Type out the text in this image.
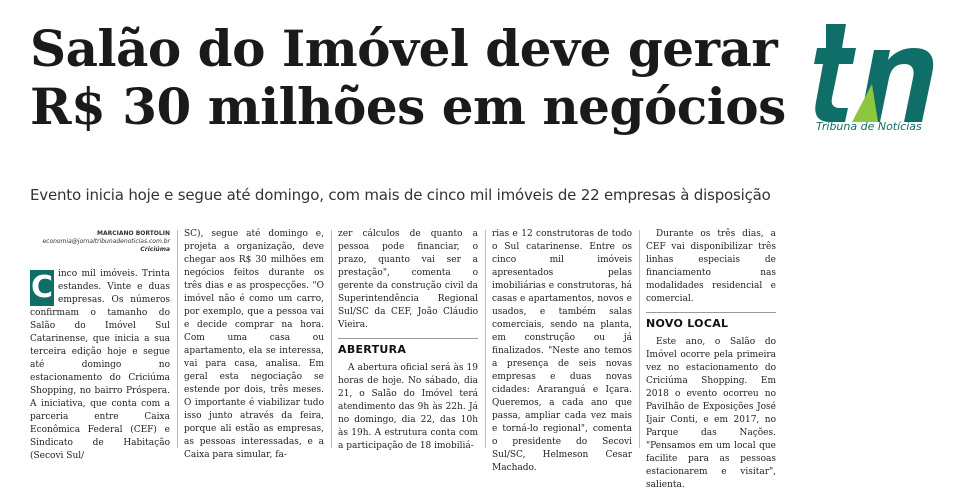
Salão do Imóvel deve gerar
R$ 30 milhões em negócios	Tribuna de Notícias
Evento inicia hoje e segue até domingo, com mais de cinco mil imóveis de 22 empresas à disposição
MARCIANO BORTOLIN
economia@jornaltribunadenoticias.com.br
Criciúma
C inco mil imóveis. Trinta estandes. Vinte e duas empresas. Os números confirmam o tamanho do Salão do Imóvel Sul Catarinense, que inicia a sua terceira edição hoje e segue até domingo no estacionamento do Criciúma Shopping, no bairro Próspera. A iniciativa, que conta com a parceria entre Caixa Econômica Federal (CEF) e Sindicato de Habitação (Secovi Sul/

SC), segue até domingo e, projeta a organização, deve chegar aos R$ 30 milhões em negócios feitos durante os três dias e as prospecções. "O imóvel não é como um carro, por exemplo, que a pessoa vai e decide comprar na hora. Com uma casa ou apartamento, ela se interessa, vai para casa, analisa. Em geral esta negociação se estende por dois, três meses. O importante é viabilizar tudo isso junto através da feira, porque ali estão as empresas, as pessoas interessadas, e a Caixa para simular, fa-

zer cálculos de quanto a pessoa pode financiar, o prazo, quanto vai ser a prestação", comenta o gerente da construção civil da Superintendência Regional Sul/SC da CEF, João Cláudio Vieira.

ABERTURA

A abertura oficial será às 19 horas de hoje. No sábado, dia 21, o Salão do Imóvel terá atendimento das 9h às 22h. Já no domingo, dia 22, das 10h às 19h. A estrutura conta com a participação de 18 imobiliá-

rias e 12 construtoras de todo o Sul catarinense. Entre os cinco mil imóveis apresentados pelas imobiliárias e construtoras, há casas e apartamentos, novos e usados, e também salas comerciais, sendo na planta, em construção ou já finalizados. "Neste ano temos a presença de seis novas empresas e duas novas cidades: Araranguá e Içara. Queremos, a cada ano que passa, ampliar cada vez mais e torná-lo regional", comenta o presidente do Secovi Sul/SC, Helmeson Cesar Machado.

Durante os três dias, a CEF vai disponibilizar três linhas especiais de financiamento nas modalidades residencial e comercial.

NOVO LOCAL

Este ano, o Salão do Imóvel ocorre pela primeira vez no estacionamento do Criciúma Shopping. Em 2018 o evento ocorreu no Pavilhão de Exposições José Ijair Conti, e em 2017, no Parque das Nações. "Pensamos em um local que facilite para as pessoas estacionarem e visitar", salienta.
